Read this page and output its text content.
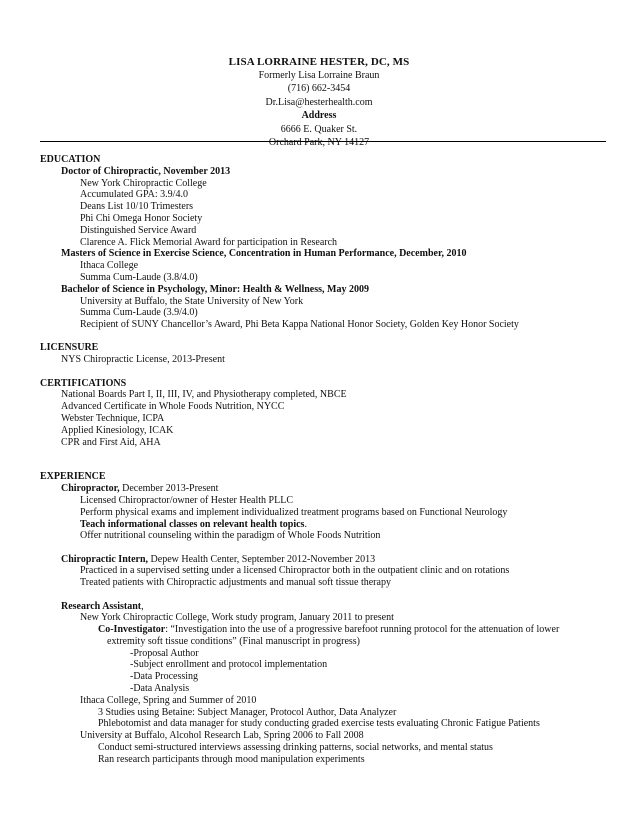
LISA LORRAINE HESTER, DC, MS
Formerly Lisa Lorraine Braun
(716) 662-3454
Dr.Lisa@hesterhealth.com
Address
6666 E. Quaker St.
Orchard Park, NY 14127
EDUCATION
Doctor of Chiropractic, November 2013
New York Chiropractic College
Accumulated GPA: 3.9/4.0
Deans List 10/10 Trimesters
Phi Chi Omega Honor Society
Distinguished Service Award
Clarence A. Flick Memorial Award for participation in Research
Masters of Science in Exercise Science, Concentration in Human Performance, December, 2010
Ithaca College
Summa Cum-Laude (3.8/4.0)
Bachelor of Science in Psychology, Minor: Health & Wellness, May 2009
University at Buffalo, the State University of New York
Summa Cum-Laude (3.9/4.0)
Recipient of SUNY Chancellor’s Award, Phi Beta Kappa National Honor Society, Golden Key Honor Society
LICENSURE
NYS Chiropractic License, 2013-Present
CERTIFICATIONS
National Boards Part I, II, III, IV, and Physiotherapy completed, NBCE
Advanced Certificate in Whole Foods Nutrition, NYCC
Webster Technique, ICPA
Applied Kinesiology, ICAK
CPR and First Aid, AHA
EXPERIENCE
Chiropractor, December 2013-Present
Licensed Chiropractor/owner of Hester Health PLLC
Perform physical exams and implement individualized treatment programs based on Functional Neurology
Teach informational classes on relevant health topics.
Offer nutritional counseling within the paradigm of Whole Foods Nutrition
Chiropractic Intern, Depew Health Center, September 2012-November 2013
Practiced in a supervised setting under a licensed Chiropractor both in the outpatient clinic and on rotations
Treated patients with Chiropractic adjustments and manual soft tissue therapy
Research Assistant,
New York Chiropractic College, Work study program, January 2011 to present
Co-Investigator: “Investigation into the use of a progressive barefoot running protocol for the attenuation of lower
extremity soft tissue conditions” (Final manuscript in progress)
-Proposal Author
-Subject enrollment and protocol implementation
-Data Processing
-Data Analysis
Ithaca College, Spring and Summer of 2010
3 Studies using Betaine: Subject Manager, Protocol Author, Data Analyzer
Phlebotomist and data manager for study conducting graded exercise tests evaluating Chronic Fatigue Patients
University at Buffalo, Alcohol Research Lab, Spring 2006 to Fall 2008
Conduct semi-structured interviews assessing drinking patterns, social networks, and mental status
Ran research participants through mood manipulation experiments
